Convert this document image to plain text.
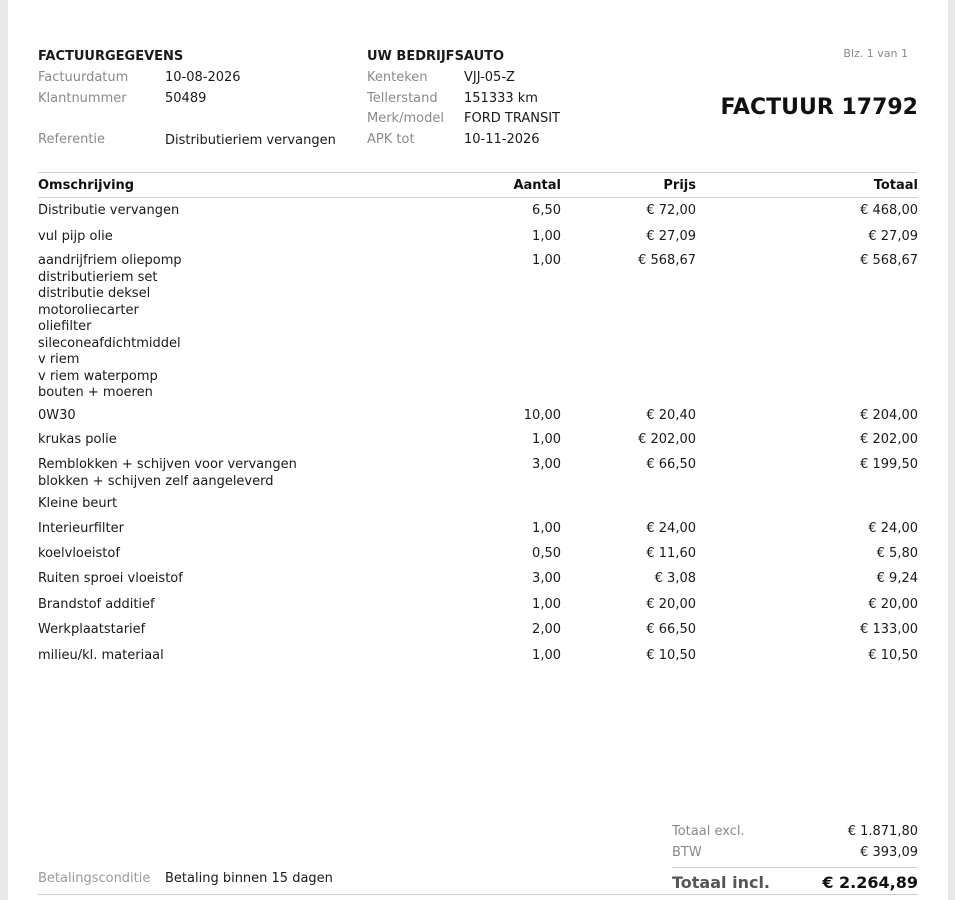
Blz. 1 van 1
FACTUURGEGEVENS
Factuurdatum	10-08-2026
Klantnummer	50489
Referentie	Distributieriem vervangen
UW BEDRIJFSAUTO
Kenteken	VJJ-05-Z
Tellerstand 151333 km
Merk/model FORD TRANSIT
APK tot	10-11-2026
FACTUUR 17792
Omschrijving	Aantal	Prijs	Totaal
Distributie vervangen	6,50	€ 72,00	€ 468,00
vul pijp olie	1,00	€ 27,09	€ 27,09
aandrijfriem oliepomp
distributieriem set
distributie deksel
motoroliecarter
oliefilter
sileconeafdichtmiddel
v riem
v riem waterpomp
bouten + moeren
1,00	€ 568,67	€ 568,67
0W30	10,00	€ 20,40	€ 204,00
krukas polie	1,00	€ 202,00	€ 202,00
Remblokken + schijven voor vervangen
blokken + schijven zelf aangeleverd
3,00	€ 66,50	€ 199,50
Kleine beurt
Interieurfilter	1,00	€ 24,00	€ 24,00
koelvloeistof	0,50	€ 11,60	€ 5,80
Ruiten sproei vloeistof	3,00	€ 3,08	€ 9,24
Brandstof additief	1,00	€ 20,00	€ 20,00
Werkplaatstarief	2,00	€ 66,50	€ 133,00
milieu/kl. materiaal	1,00	€ 10,50	€ 10,50
Totaal excl.	€ 1.871,80
BTW	€ 393,09
Totaal incl.	€ 2.264,89
Betalingsconditie Betaling binnen 15 dagen
